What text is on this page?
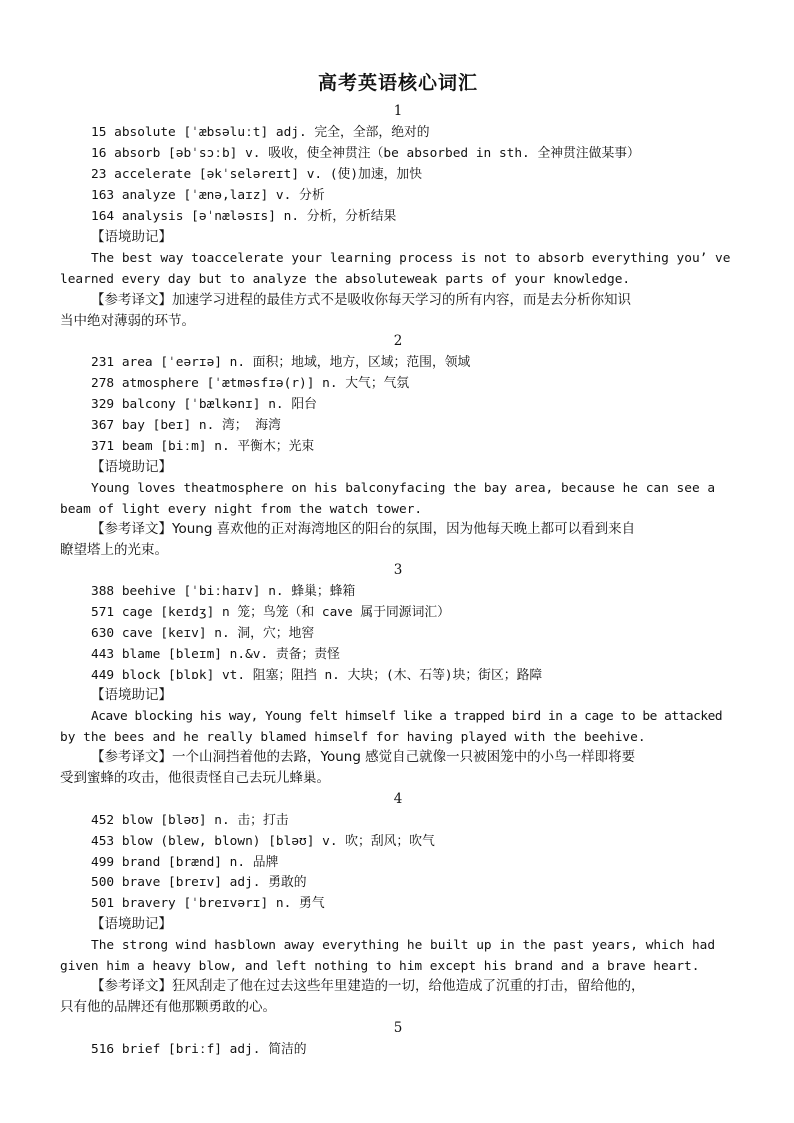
高考英语核心词汇
1
15 absolute [ˈæbsəluːt] adj. 完全，全部，绝对的
16 absorb [əbˈsɔːb] v. 吸收，使全神贯注（be absorbed in sth. 全神贯注做某事）
23 accelerate [əkˈseləreɪt] v. (使)加速，加快
163 analyze [ˈænə,laɪz] v. 分析
164 analysis [əˈnæləsɪs] n. 分析，分析结果
【语境助记】
The best way toaccelerate your learning process is not to absorb everything you’ ve
learned every day but to analyze the absoluteweak parts of your knowledge.
【参考译文】加速学习进程的最佳方式不是吸收你每天学习的所有内容，而是去分析你知识
当中绝对薄弱的环节。
2
231 area [ˈeərɪə] n. 面积；地域，地方，区域；范围，领域
278 atmosphere [ˈætməsfɪə(r)] n. 大气；气氛
329 balcony [ˈbælkənɪ] n. 阳台
367 bay [beɪ] n. 湾； 海湾
371 beam [biːm] n. 平衡木；光束
【语境助记】
Young loves theatmosphere on his balconyfacing the bay area, because he can see a
beam of light every night from the watch tower.
【参考译文】Young 喜欢他的正对海湾地区的阳台的氛围，因为他每天晚上都可以看到来自
瞭望塔上的光束。
3
388 beehive [ˈbiːhaɪv] n. 蜂巢；蜂箱
571 cage [keɪdʒ] n 笼；鸟笼（和 cave 属于同源词汇）
630 cave [keɪv] n. 洞，穴；地窖
443 blame [bleɪm] n.&v. 责备；责怪
449 block [blɒk] vt. 阻塞；阻挡 n. 大块；(木、石等)块；街区；路障
【语境助记】
Acave blocking his way, Young felt himself like a trapped bird in a cage to be attacked
by the bees and he really blamed himself for having played with the beehive.
【参考译文】一个山洞挡着他的去路，Young 感觉自己就像一只被困笼中的小鸟一样即将要
受到蜜蜂的攻击，他很责怪自己去玩儿蜂巢。
4
452 blow [bləʊ] n. 击；打击
453 blow (blew, blown) [bləʊ] v. 吹；刮风；吹气
499 brand [brænd] n. 品牌
500 brave [breɪv] adj. 勇敢的
501 bravery [ˈbreɪvərɪ] n. 勇气
【语境助记】
The strong wind hasblown away everything he built up in the past years, which had
given him a heavy blow, and left nothing to him except his brand and a brave heart.
【参考译文】狂风刮走了他在过去这些年里建造的一切，给他造成了沉重的打击，留给他的，
只有他的品牌还有他那颗勇敢的心。
5
516 brief [briːf] adj. 简洁的
